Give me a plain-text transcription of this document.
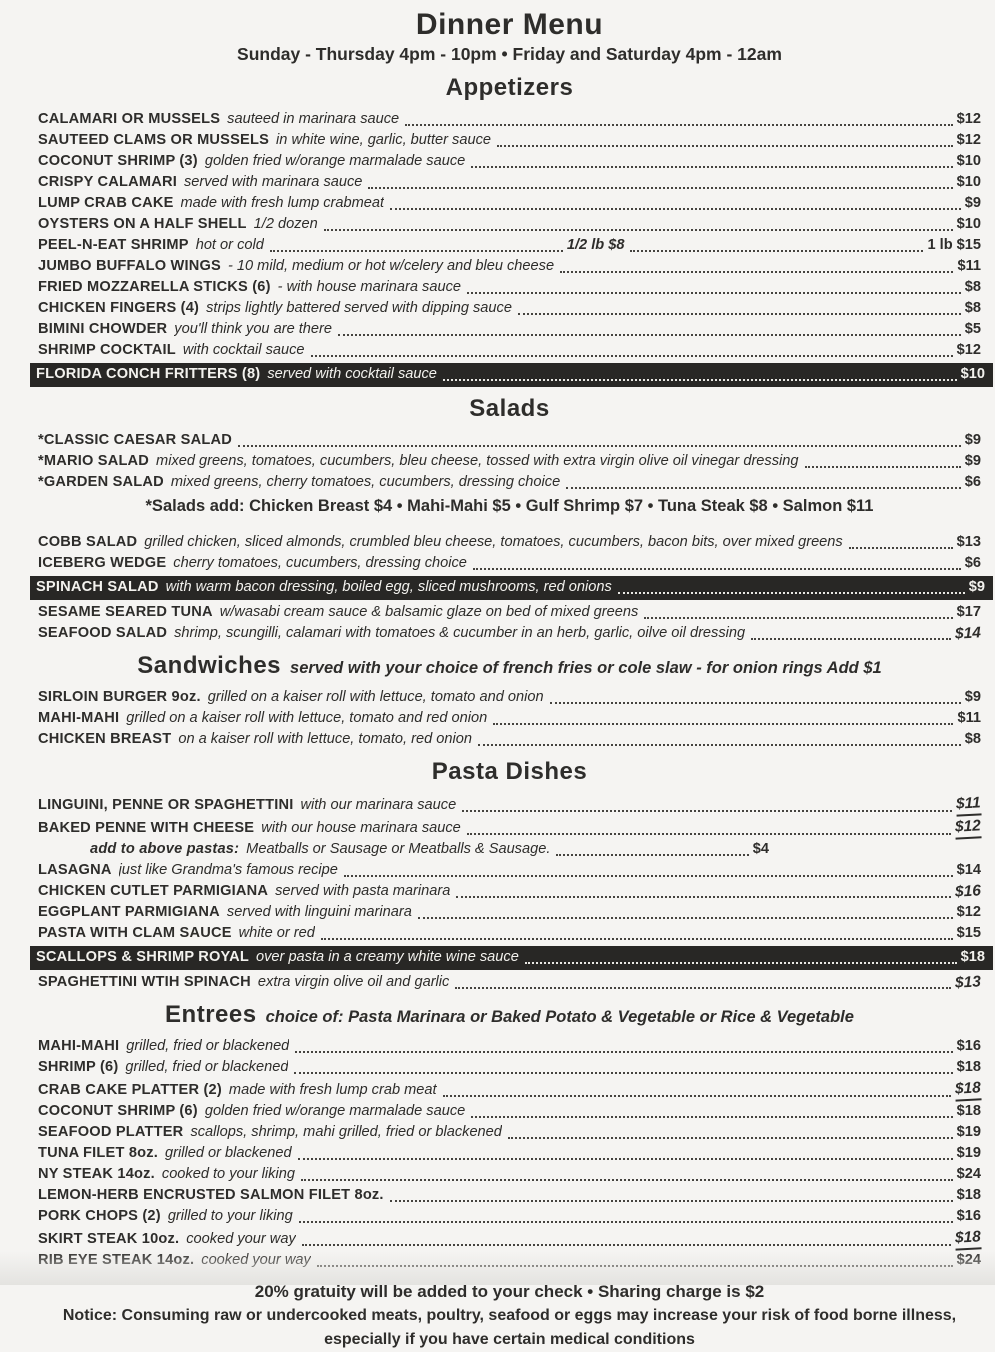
Dinner Menu
Sunday - Thursday 4pm - 10pm • Friday and Saturday 4pm - 12am
Appetizers
CALAMARI OR MUSSELS sauteed in marinara sauce	$12
SAUTEED CLAMS OR MUSSELS in white wine, garlic, butter sauce	$12
COCONUT SHRIMP (3) golden fried w/orange marmalade sauce	$10
CRISPY CALAMARI served with marinara sauce	$10
LUMP CRAB CAKE made with fresh lump crabmeat	$9
OYSTERS ON A HALF SHELL 1/2 dozen	$10
PEEL-N-EAT SHRIMP hot or cold	1/2 lb $8	1 lb $15
JUMBO BUFFALO WINGS - 10 mild, medium or hot w/celery and bleu cheese	$11
FRIED MOZZARELLA STICKS (6) - with house marinara sauce	$8
CHICKEN FINGERS (4) strips lightly battered served with dipping sauce	$8
BIMINI CHOWDER you'll think you are there	$5
SHRIMP COCKTAIL with cocktail sauce	$12
FLORIDA CONCH FRITTERS (8) served with cocktail sauce	$10
Salads
*CLASSIC CAESAR SALAD	$9
*MARIO SALAD mixed greens, tomatoes, cucumbers, bleu cheese, tossed with extra virgin olive oil vinegar dressing	$9
*GARDEN SALAD mixed greens, cherry tomatoes, cucumbers, dressing choice	$6
*Salads add: Chicken Breast $4 • Mahi-Mahi $5 • Gulf Shrimp $7 • Tuna Steak $8 • Salmon $11
COBB SALAD grilled chicken, sliced almonds, crumbled bleu cheese, tomatoes, cucumbers, bacon bits, over mixed greens	$13
ICEBERG WEDGE cherry tomatoes, cucumbers, dressing choice	$6
SPINACH SALAD with warm bacon dressing, boiled egg, sliced mushrooms, red onions	$9
SESAME SEARED TUNA w/wasabi cream sauce & balsamic glaze on bed of mixed greens	$17
SEAFOOD SALAD shrimp, scungilli, calamari with tomatoes & cucumber in an herb, garlic, oilve oil dressing	$14
Sandwiches served with your choice of french fries or cole slaw - for onion rings Add $1
SIRLOIN BURGER 9oz. grilled on a kaiser roll with lettuce, tomato and onion	$9
MAHI-MAHI grilled on a kaiser roll with lettuce, tomato and red onion	$11
CHICKEN BREAST on a kaiser roll with lettuce, tomato, red onion	$8
Pasta Dishes
LINGUINI, PENNE OR SPAGHETTINI with our marinara sauce	$11
BAKED PENNE WITH CHEESE with our house marinara sauce	$12
add to above pastas: Meatballs or Sausage or Meatballs & Sausage.	$4
LASAGNA just like Grandma's famous recipe	$14
CHICKEN CUTLET PARMIGIANA served with pasta marinara	$16
EGGPLANT PARMIGIANA served with linguini marinara	$12
PASTA WITH CLAM SAUCE white or red	$15
SCALLOPS & SHRIMP ROYAL over pasta in a creamy white wine sauce	$18
SPAGHETTINI WTIH SPINACH extra virgin olive oil and garlic	$13
Entrees choice of: Pasta Marinara or Baked Potato & Vegetable or Rice & Vegetable
MAHI-MAHI grilled, fried or blackened	$16
SHRIMP (6) grilled, fried or blackened	$18
CRAB CAKE PLATTER (2) made with fresh lump crab meat	$18
COCONUT SHRIMP (6) golden fried w/orange marmalade sauce	$18
SEAFOOD PLATTER scallops, shrimp, mahi grilled, fried or blackened	$19
TUNA FILET 8oz. grilled or blackened	$19
NY STEAK 14oz. cooked to your liking	$24
LEMON-HERB ENCRUSTED SALMON FILET 8oz.	$18
PORK CHOPS (2) grilled to your liking	$16
SKIRT STEAK 10oz. cooked your way	$18
RIB EYE STEAK 14oz. cooked your way	$24
20% gratuity will be added to your check • Sharing charge is $2
Notice: Consuming raw or undercooked meats, poultry, seafood or eggs may increase your risk of food borne illness,
especially if you have certain medical conditions
